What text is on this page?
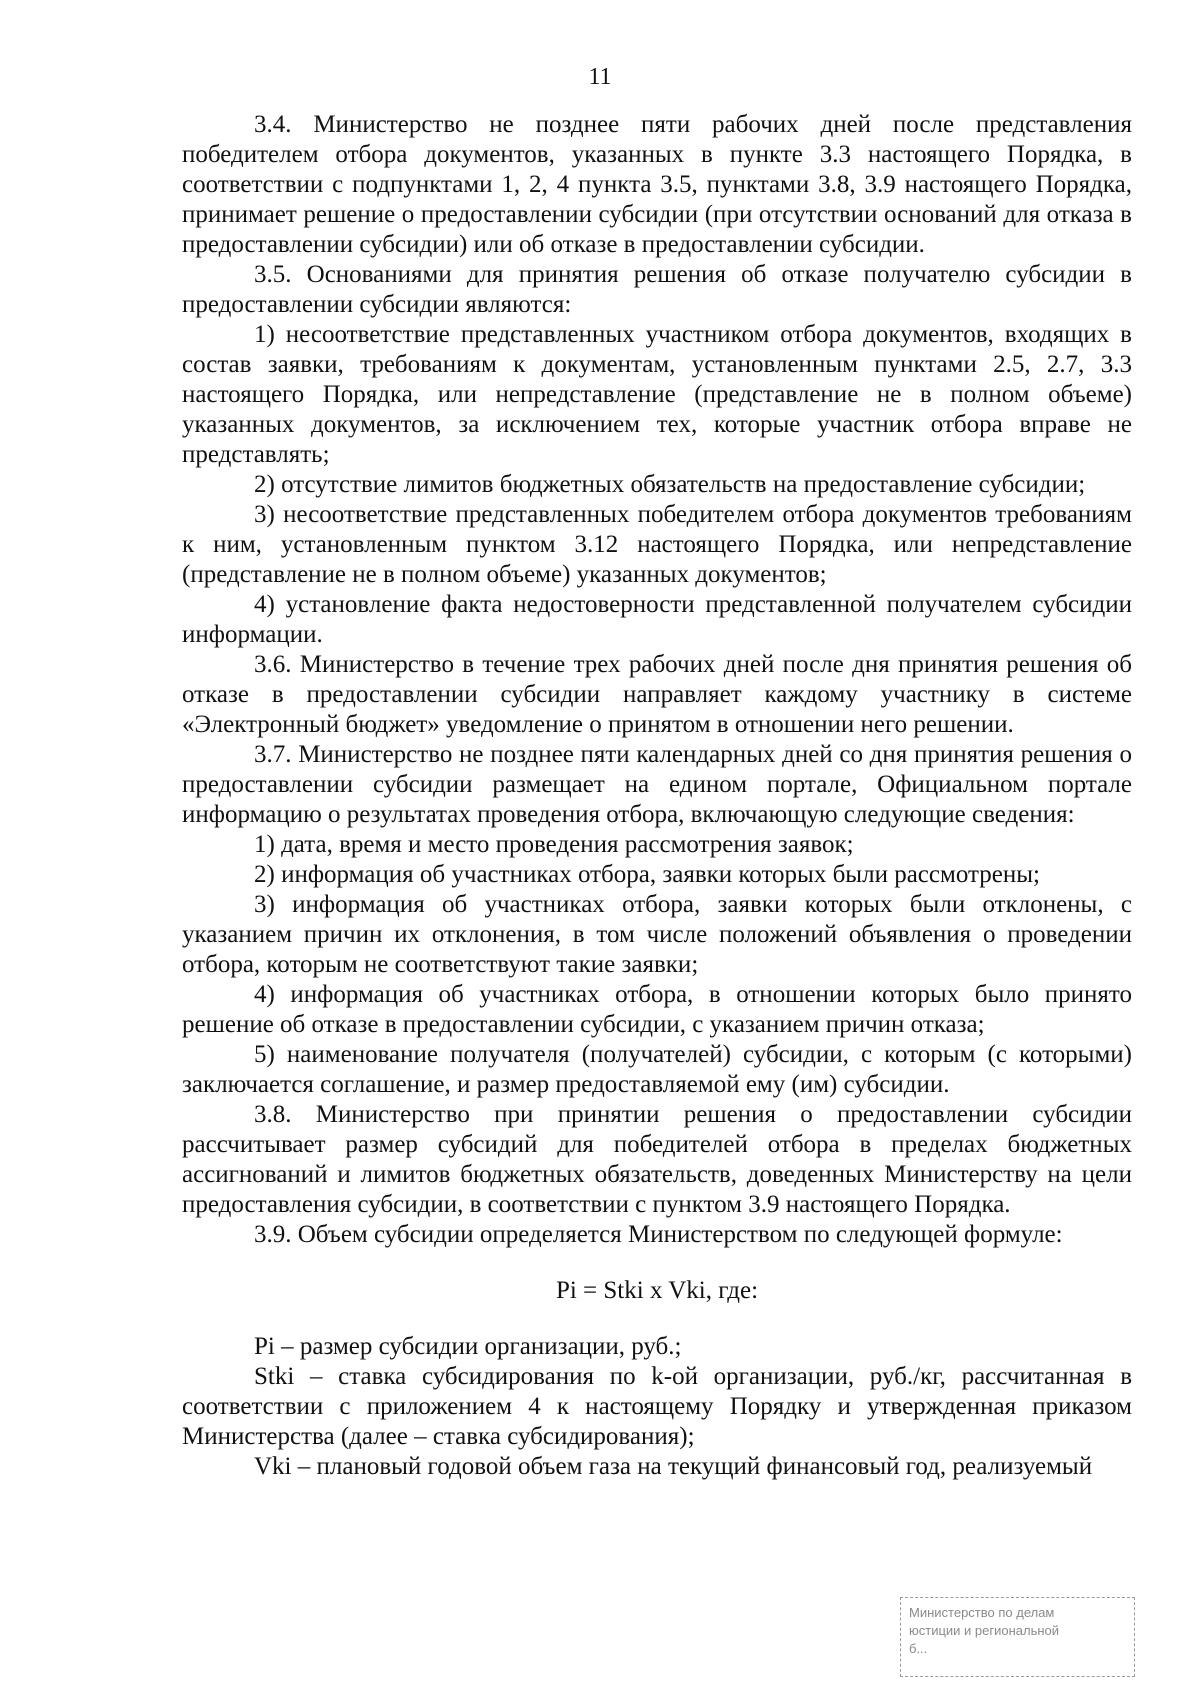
11

3.4. Министерство не позднее пяти рабочих дней после представления победителем отбора документов, указанных в пункте 3.3 настоящего Порядка, в соответствии с подпунктами 1, 2, 4 пункта 3.5, пунктами 3.8, 3.9 настоящего Порядка, принимает решение о предоставлении субсидии (при отсутствии оснований для отказа в предоставлении субсидии) или об отказе в предоставлении субсидии.

3.5. Основаниями для принятия решения об отказе получателю субсидии в предоставлении субсидии являются:

1) несоответствие представленных участником отбора документов, входящих в состав заявки, требованиям к документам, установленным пунктами 2.5, 2.7, 3.3 настоящего Порядка, или непредставление (представление не в полном объеме) указанных документов, за исключением тех, которые участник отбора вправе не представлять;

2) отсутствие лимитов бюджетных обязательств на предоставление субсидии;

3) несоответствие представленных победителем отбора документов требованиям к ним, установленным пунктом 3.12 настоящего Порядка, или непредставление (представление не в полном объеме) указанных документов;

4) установление факта недостоверности представленной получателем субсидии информации.

3.6. Министерство в течение трех рабочих дней после дня принятия решения об отказе в предоставлении субсидии направляет каждому участнику в системе «Электронный бюджет» уведомление о принятом в отношении него решении.

3.7. Министерство не позднее пяти календарных дней со дня принятия решения о предоставлении субсидии размещает на едином портале, Официальном портале информацию о результатах проведения отбора, включающую следующие сведения:

1) дата, время и место проведения рассмотрения заявок;

2) информация об участниках отбора, заявки которых были рассмотрены;

3) информация об участниках отбора, заявки которых были отклонены, с указанием причин их отклонения, в том числе положений объявления о проведении отбора, которым не соответствуют такие заявки;

4) информация об участниках отбора, в отношении которых было принято решение об отказе в предоставлении субсидии, с указанием причин отказа;

5) наименование получателя (получателей) субсидии, с которым (с которыми) заключается соглашение, и размер предоставляемой ему (им) субсидии.

3.8. Министерство при принятии решения о предоставлении субсидии рассчитывает размер субсидий для победителей отбора в пределах бюджетных ассигнований и лимитов бюджетных обязательств, доведенных Министерству на цели предоставления субсидии, в соответствии с пунктом 3.9 настоящего Порядка.

3.9. Объем субсидии определяется Министерством по следующей формуле:

Pi = Stki x Vki, где:

Pi – размер субсидии организации, руб.;

Stki – ставка субсидирования по k-ой организации, руб./кг, рассчитанная в соответствии с приложением 4 к настоящему Порядку и утвержденная приказом Министерства (далее – ставка субсидирования);

Vki – плановый годовой объем газа на текущий финансовый год, реализуемый

Министерство по делам
юстиции и региональной
б...
